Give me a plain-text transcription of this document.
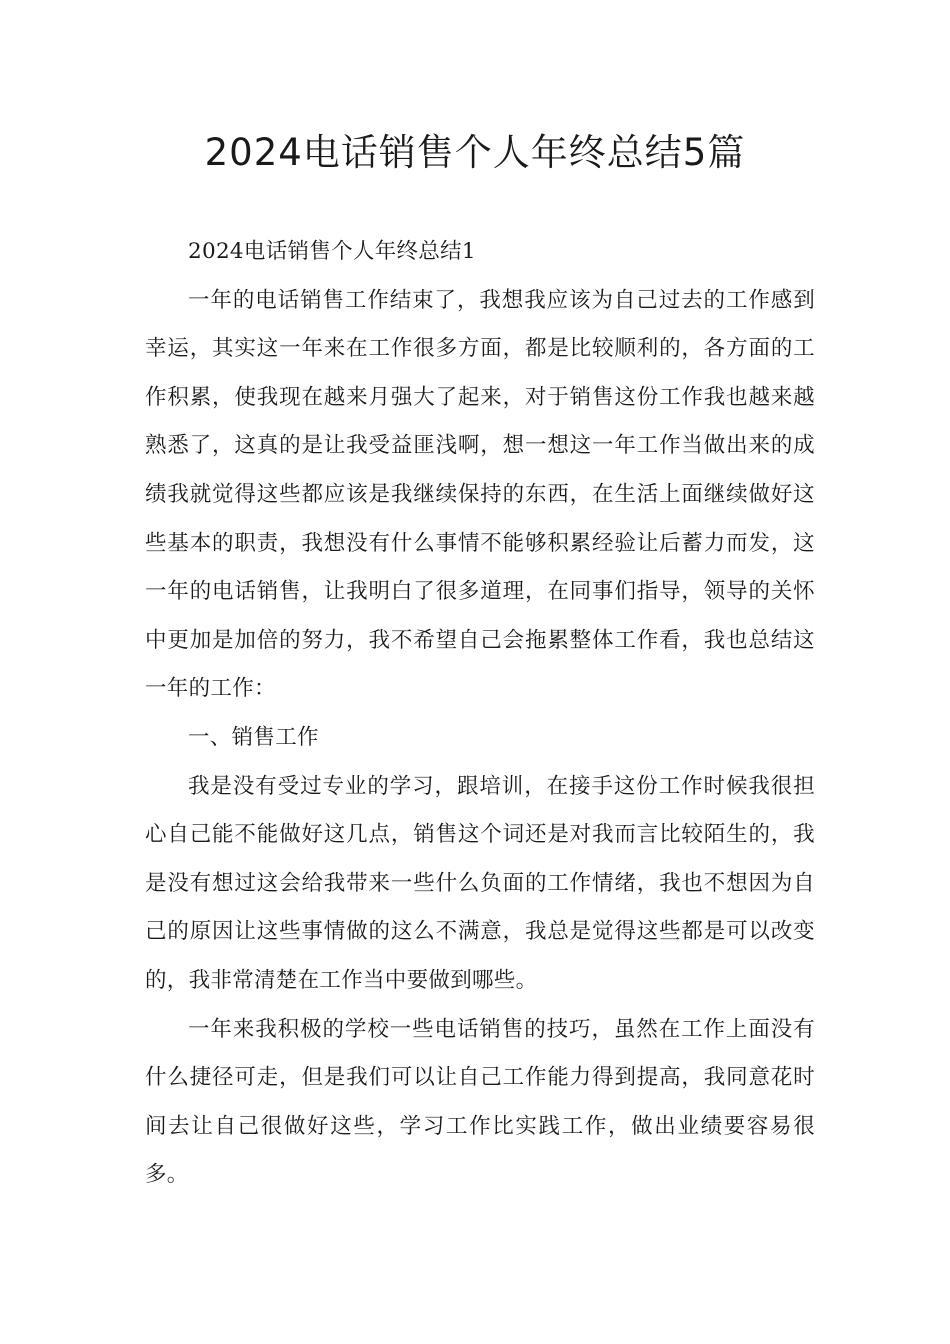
2024电话销售个人年终总结5篇

2024电话销售个人年终总结1

一年的电话销售工作结束了，我想我应该为自己过去的工作感到幸运，其实这一年来在工作很多方面，都是比较顺利的，各方面的工作积累，使我现在越来月强大了起来，对于销售这份工作我也越来越熟悉了，这真的是让我受益匪浅啊，想一想这一年工作当做出来的成绩我就觉得这些都应该是我继续保持的东西，在生活上面继续做好这些基本的职责，我想没有什么事情不能够积累经验让后蓄力而发，这一年的电话销售，让我明白了很多道理，在同事们指导，领导的关怀中更加是加倍的努力，我不希望自己会拖累整体工作看，我也总结这一年的工作：

一、销售工作

我是没有受过专业的学习，跟培训，在接手这份工作时候我很担心自己能不能做好这几点，销售这个词还是对我而言比较陌生的，我是没有想过这会给我带来一些什么负面的工作情绪，我也不想因为自己的原因让这些事情做的这么不满意，我总是觉得这些都是可以改变的，我非常清楚在工作当中要做到哪些。

一年来我积极的学校一些电话销售的技巧，虽然在工作上面没有什么捷径可走，但是我们可以让自己工作能力得到提高，我同意花时间去让自己很做好这些，学习工作比实践工作，做出业绩要容易很多。
